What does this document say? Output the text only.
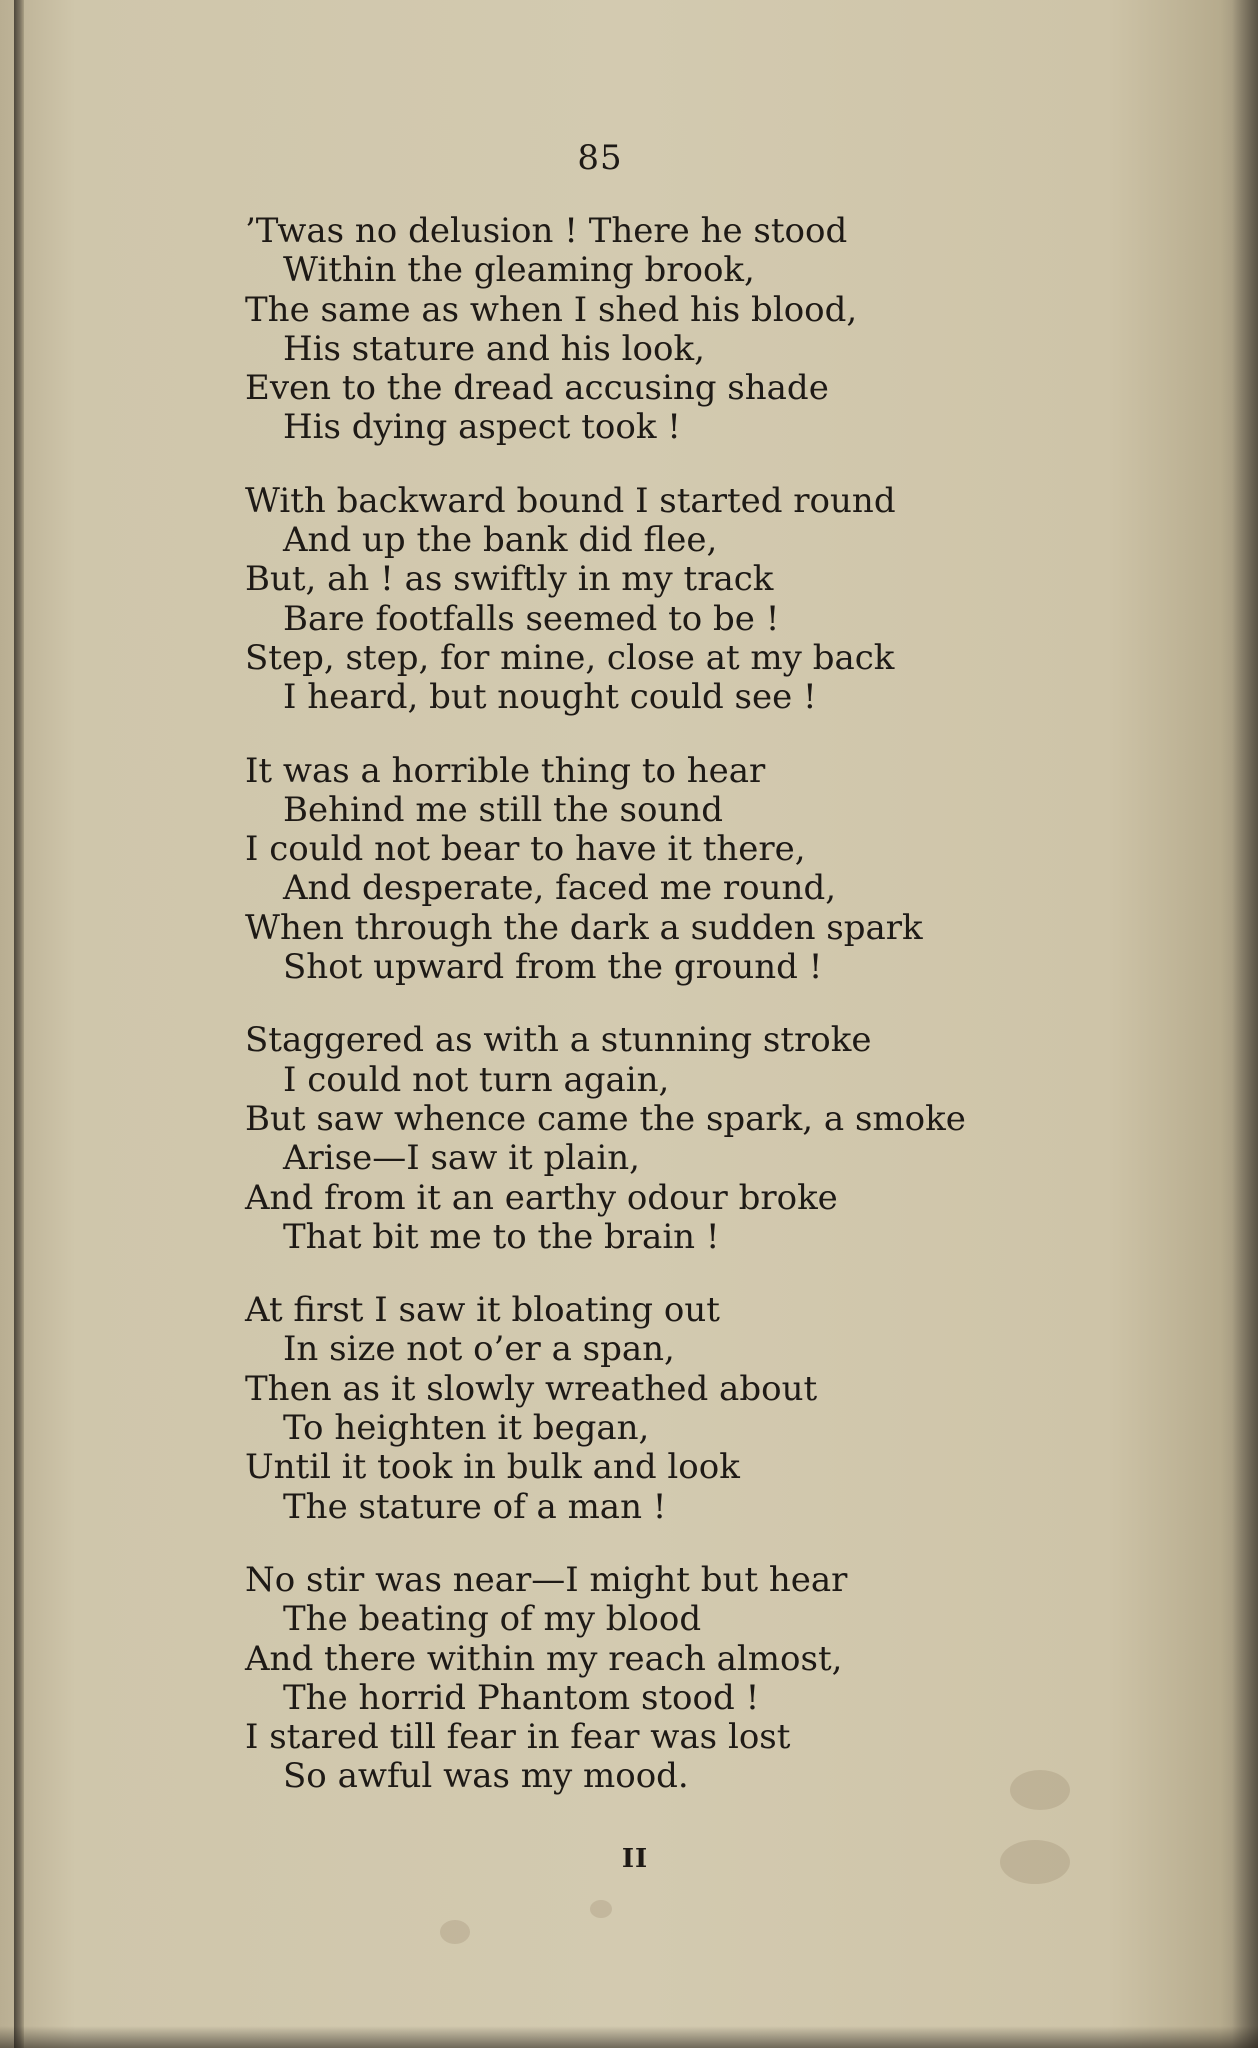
85
’Twas no delusion ! There he stood
Within the gleaming brook,
The same as when I shed his blood,
His stature and his look,
Even to the dread accusing shade
His dying aspect took !
With backward bound I started round
And up the bank did flee,
But, ah ! as swiftly in my track
Bare footfalls seemed to be !
Step, step, for mine, close at my back
I heard, but nought could see !
It was a horrible thing to hear
Behind me still the sound
I could not bear to have it there,
And desperate, faced me round,
When through the dark a sudden spark
Shot upward from the ground !
Staggered as with a stunning stroke
I could not turn again,
But saw whence came the spark, a smoke
Arise—I saw it plain,
And from it an earthy odour broke
That bit me to the brain !
At first I saw it bloating out
In size not o’er a span,
Then as it slowly wreathed about
To heighten it began,
Until it took in bulk and look
The stature of a man !
No stir was near—I might but hear
The beating of my blood
And there within my reach almost,
The horrid Phantom stood !
I stared till fear in fear was lost
So awful was my mood.
II
